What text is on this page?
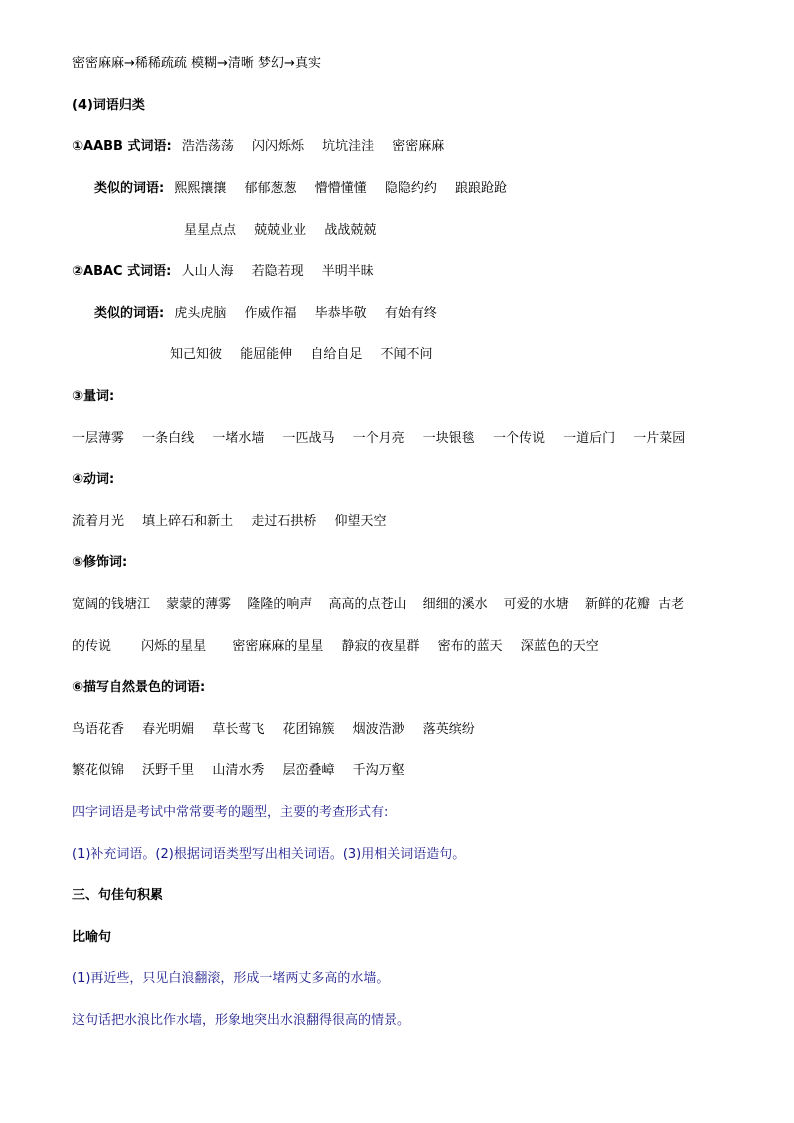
密密麻麻→稀稀疏疏 模糊→清晰 梦幻→真实
(4)词语归类
①AABB 式词语: 浩浩荡荡 闪闪烁烁 坑坑洼洼 密密麻麻
类似的词语: 熙熙攘攘 郁郁葱葱 懵懵懂懂 隐隐约约 踉踉跄跄
星星点点 兢兢业业 战战兢兢
②ABAC 式词语: 人山人海 若隐若现 半明半昧
类似的词语: 虎头虎脑 作威作福 毕恭毕敬 有始有终
知己知彼 能屈能伸 自给自足 不闻不问
③量词:
一层薄雾 一条白线 一堵水墙 一匹战马 一个月亮 一块银毯 一个传说 一道后门 一片菜园
④动词:
流着月光 填上碎石和新土 走过石拱桥 仰望天空
⑤修饰词:
宽阔的钱塘江 蒙蒙的薄雾 隆隆的响声 高高的点苍山 细细的溪水 可爱的水塘 新鲜的花瓣 古老
的传说 闪烁的星星 密密麻麻的星星 静寂的夜星群 密布的蓝天 深蓝色的天空
⑥描写自然景色的词语:
鸟语花香 春光明媚 草长莺飞 花团锦簇 烟波浩渺 落英缤纷
繁花似锦 沃野千里 山清水秀 层峦叠嶂 千沟万壑
四字词语是考试中常常要考的题型，主要的考查形式有:
(1)补充词语。(2)根据词语类型写出相关词语。(3)用相关词语造句。
三、句佳句积累
比喻句
(1)再近些，只见白浪翻滚，形成一堵两丈多高的水墙。
这句话把水浪比作水墙，形象地突出水浪翻得很高的情景。
